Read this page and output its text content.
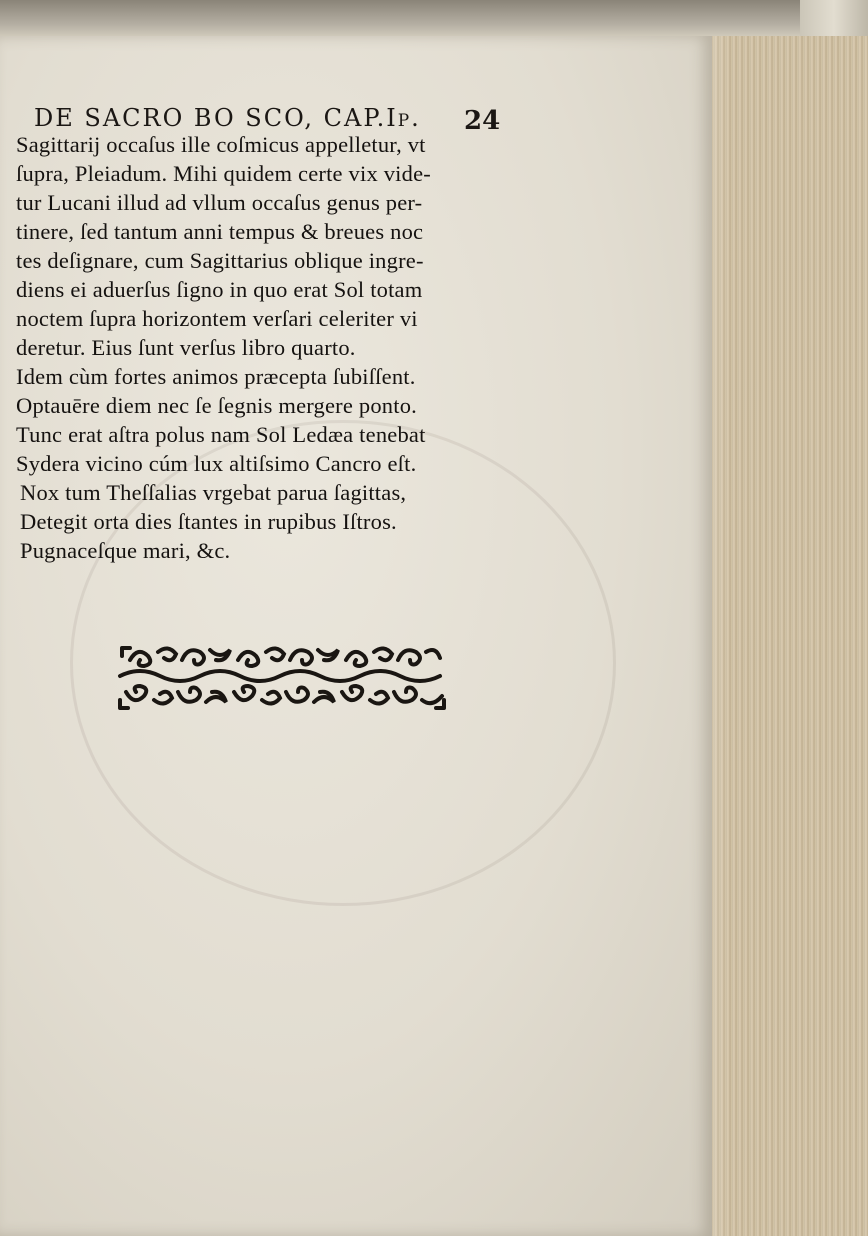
DE SACRO BO SCO, CAP.Ip. 24
Sagittarij occaſus ille coſmicus appelletur, vt
ſupra, Pleiadum. Mihi quidem certe vix vide-
tur Lucani illud ad vllum occaſus genus per-
tinere, ſed tantum anni tempus & breues noc
tes deſignare, cum Sagittarius oblique ingre-
diens ei aduerſus ſigno in quo erat Sol totam
noctem ſupra horizontem verſari celeriter vi
deretur. Eius ſunt verſus libro quarto.
Idem cùm fortes animos præcepta ſubiſſent.
Optauēre diem nec ſe ſegnis mergere ponto.
Tunc erat aſtra polus nam Sol Ledæa tenebat
Sydera vicino cúm lux altiſsimo Cancro eſt.
Nox tum Theſſalias vrgebat parua ſagittas,
Detegit orta dies ſtantes in rupibus Iſtros.
Pugnaceſque mari, &c.
